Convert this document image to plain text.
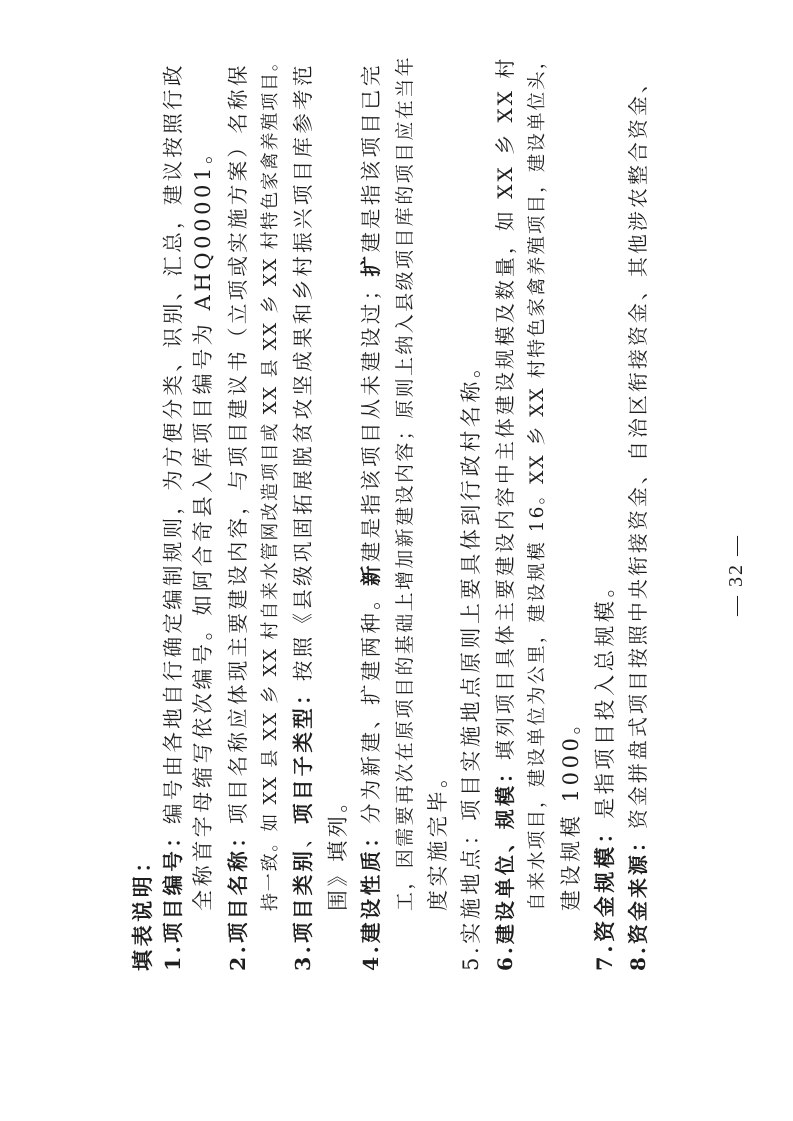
填表说明： 1.项目编号：编号由各地自行确定编制规则，为方便分类、识别、汇总，建议按照行政 全称首字母缩写依次编号。如阿合奇县入库项目编号为 AHQ00001。 2.项目名称：项目名称应体现主要建设内容，与项目建议书（立项或实施方案）名称保 持一致。如 XX 县 XX 乡 XX 村自来水管网改造项目或 XX 县 XX 乡 XX 村特色家禽养殖项目。 3.项目类别、项目子类型：按照《县级巩固拓展脱贫攻坚成果和乡村振兴项目库参考范
围》填列。 4.建设性质：分为新建、扩建两种。新建是指该项目从未建设过；扩建是指该项目已完 工，因需要再次在原项目的基础上增加新建设内容；原则上纳入县级项目库的项目应在当年 度实施完毕。 5.实施地点：项目实施地点原则上要具体到行政村名称。 6.建设单位、规模：填列项目具体主要建设内容中主体建设规模及数量，如 XX 乡 XX 村 自来水项目，建设单位为公里，建设规模 16。XX 乡 XX 村特色家禽养殖项目，建设单位头， 建设规模 1000。 7.资金规模：是指项目投入总规模。
8.资金来源：资金拼盘式项目按照中央衔接资金、自治区衔接资金、其他涉农整合资金、	— 32 —
